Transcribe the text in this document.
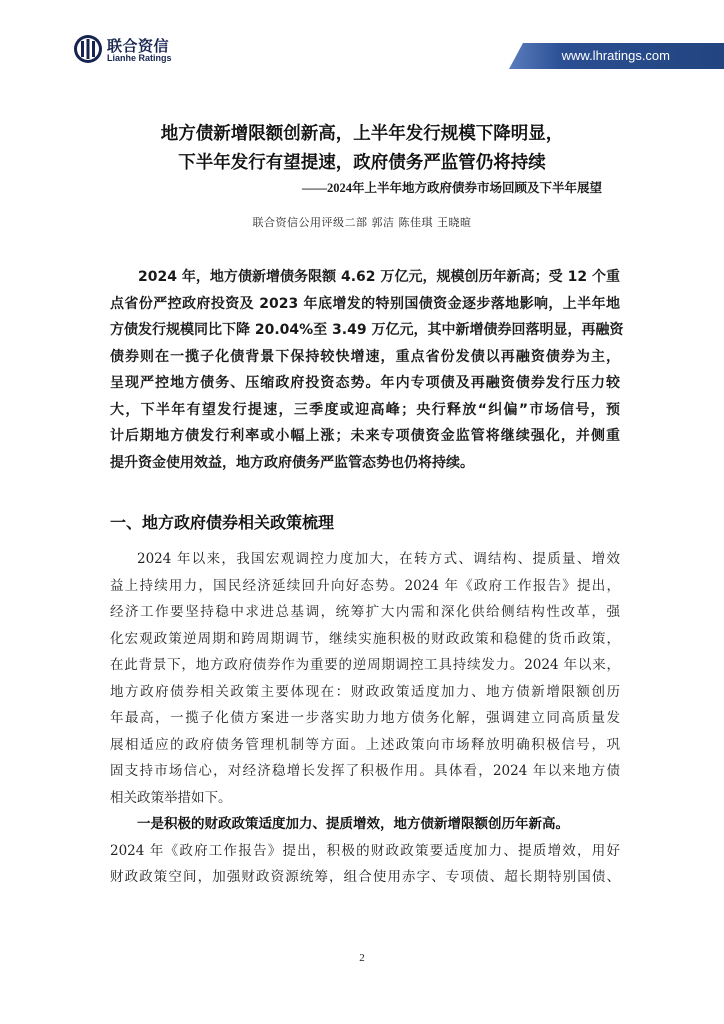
联合资信
Lianhe Ratings	www.lhratings.com
地方债新增限额创新高，上半年发行规模下降明显，
下半年发行有望提速，政府债务严监管仍将持续
——2024年上半年地方政府债券市场回顾及下半年展望
联合资信公用评级二部 郭洁 陈佳琪 王晓暄
2024 年，地方债新增债务限额 4.62 万亿元，规模创历年新高；受 12 个重
点省份严控政府投资及 2023 年底增发的特别国债资金逐步落地影响，上半年地
方债发行规模同比下降 20.04%至 3.49 万亿元，其中新增债券回落明显，再融资
债券则在一揽子化债背景下保持较快增速，重点省份发债以再融资债券为主，
呈现严控地方债务、压缩政府投资态势。年内专项债及再融资债券发行压力较
大，下半年有望发行提速，三季度或迎高峰；央行释放“纠偏”市场信号，预
计后期地方债发行利率或小幅上涨；未来专项债资金监管将继续强化，并侧重
提升资金使用效益，地方政府债务严监管态势也仍将持续。
一、地方政府债券相关政策梳理
2024 年以来，我国宏观调控力度加大，在转方式、调结构、提质量、增效
益上持续用力，国民经济延续回升向好态势。2024 年《政府工作报告》提出，
经济工作要坚持稳中求进总基调，统筹扩大内需和深化供给侧结构性改革，强
化宏观政策逆周期和跨周期调节，继续实施积极的财政政策和稳健的货币政策，
在此背景下，地方政府债券作为重要的逆周期调控工具持续发力。2024 年以来，
地方政府债券相关政策主要体现在：财政政策适度加力、地方债新增限额创历
年最高，一揽子化债方案进一步落实助力地方债务化解，强调建立同高质量发
展相适应的政府债务管理机制等方面。上述政策向市场释放明确积极信号，巩
固支持市场信心，对经济稳增长发挥了积极作用。具体看，2024 年以来地方债
相关政策举措如下。
一是积极的财政政策适度加力、提质增效，地方债新增限额创历年新高。
2024 年《政府工作报告》提出，积极的财政政策要适度加力、提质增效，用好
财政政策空间，加强财政资源统筹，组合使用赤字、专项债、超长期特别国债、
2
